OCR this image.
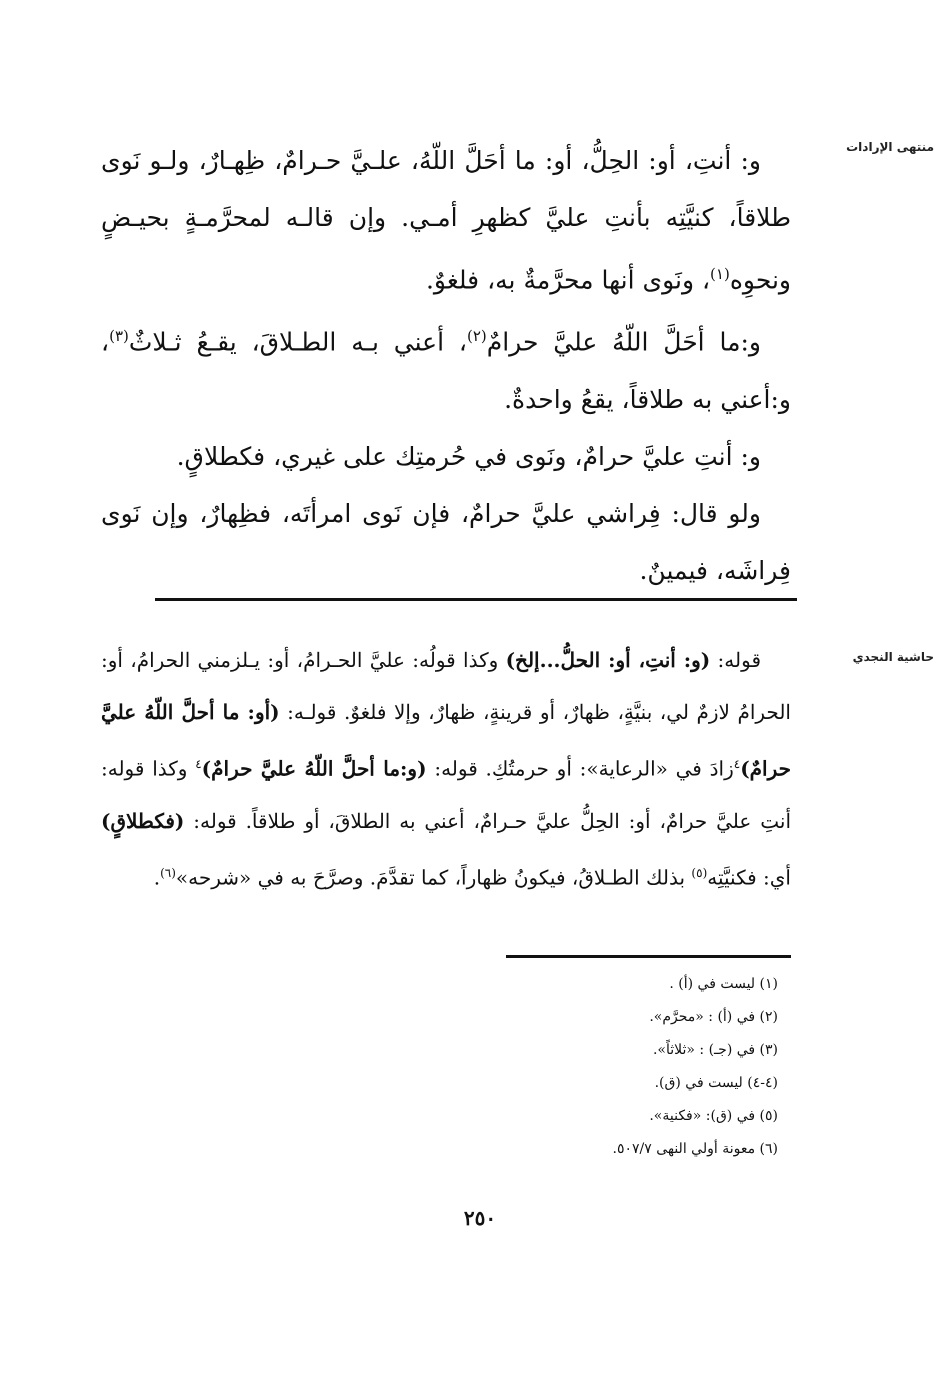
منتهى الإرادات

و: أنتِ، أو: الحِلُّ، أو: ما أحَلَّ اللّهُ، علـيَّ حـرامٌ، ظِهـارٌ، ولـو نَوى طلاقاً، كنيَّتِه بأنتِ عليَّ كظهرِ أمـي. وإن قالـه لمحرَّمـةٍ بحيـضٍ ونحوِه$^{(١)}$، ونَوى أنها محرَّمةٌ به، فلغوٌ.

و:ما أحَلَّ اللّهُ عليَّ حرامٌ$^{(٢)}$، أعني بـه الطـلاقَ، يقـعُ ثـلاثٌ$^{(٣)}$، و:أعني به طلاقاً، يقعُ واحدةٌ.

و: أنتِ عليَّ حرامٌ، ونَوى في حُرمتِك على غيري، فكطلاقٍ.

ولو قال: فِراشي عليَّ حرامٌ، فإن نَوى امرأتَه، فظِهارٌ، وإن نَوى فِراشَه، فيمينٌ.

حاشية النجدي

قوله: (و: أنتِ، أو: الحلُّ...إلخ) وكذا قولُه: عليَّ الحـرامُ، أو: يـلزمني الحرامُ، أو: الحرامُ لازمٌ لي، بنيَّةٍ، ظهارٌ، أو قرينةٍ، ظهارٌ، وإلا فلغوٌ. قولـه: (أو: ما أحلَّ اللّهُ عليَّ حرامٌ)$^٤$زادَ في «الرعاية»: أو حرمتُكِ. قوله: (و:ما أحلَّ اللّهُ عليَّ حرامٌ)$^٤$ وكذا قوله: أنتِ عليَّ حرامٌ، أو: الحِلُّ عليَّ حـرامٌ، أعني به الطلاقَ، أو طلاقاً. قوله: (فكطلاقٍ) أي: فكنيَّتِه$^{(٥)}$ بذلك الطـلاقُ، فيكونُ ظهاراً، كما تقدَّمَ. وصرَّحَ به في «شرحه»$^{(٦)}$.

(١) ليست في (أ) .
(٢) في (أ) : «محرَّم».
(٣) في (جـ) : «ثلاثاً».
(٤-٤) ليست في (ق).
(٥) في (ق): «فكنية».
(٦) معونة أولي النهى ٥٠٧/٧.
٢٥٠
